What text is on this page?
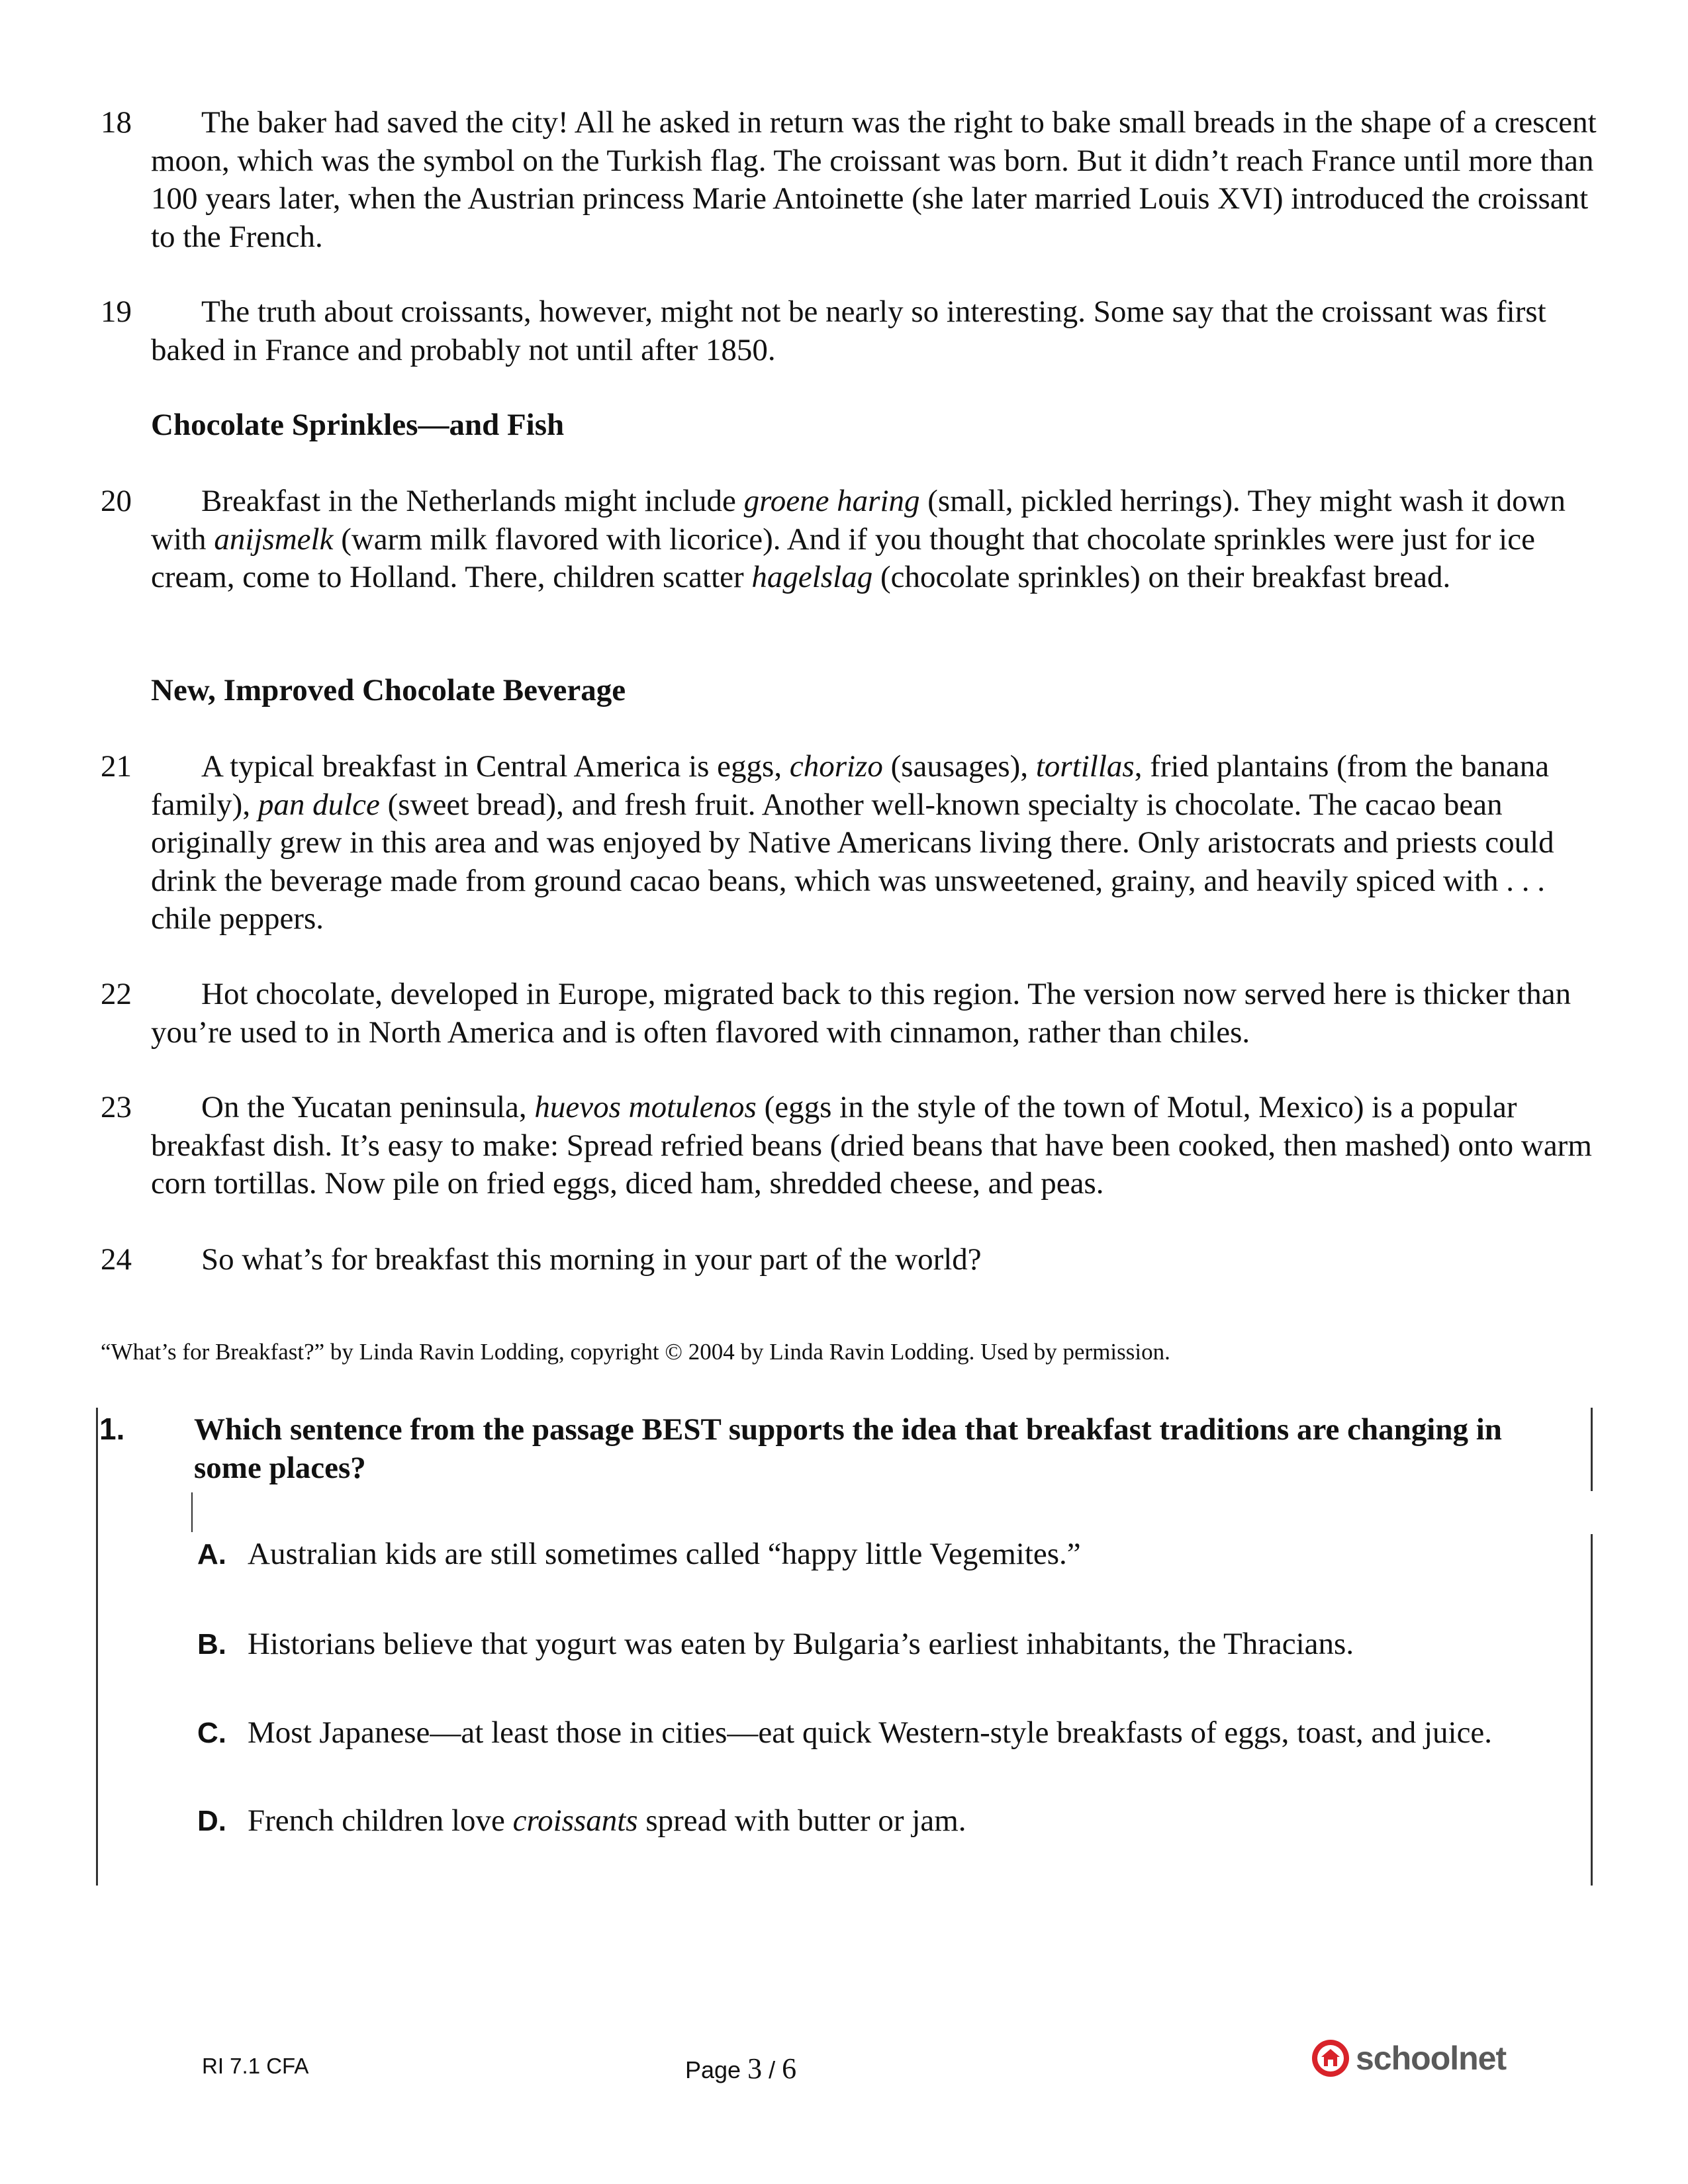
18	The baker had saved the city! All he asked in return was the right to bake small breads in the shape of a crescent moon, which was the symbol on the Turkish flag. The croissant was born. But it didn’t reach France until more than 100 years later, when the Austrian princess Marie Antoinette (she later married Louis XVI) introduced the croissant to the French.
19	The truth about croissants, however, might not be nearly so interesting. Some say that the croissant was first baked in France and probably not until after 1850.
Chocolate Sprinkles—and Fish
20	Breakfast in the Netherlands might include groene haring (small, pickled herrings). They might wash it down with anijsmelk (warm milk flavored with licorice). And if you thought that chocolate sprinkles were just for ice cream, come to Holland. There, children scatter hagelslag (chocolate sprinkles) on their breakfast bread.
New, Improved Chocolate Beverage
21	A typical breakfast in Central America is eggs, chorizo (sausages), tortillas, fried plantains (from the banana family), pan dulce (sweet bread), and fresh fruit. Another well-known specialty is chocolate. The cacao bean originally grew in this area and was enjoyed by Native Americans living there. Only aristocrats and priests could drink the beverage made from ground cacao beans, which was unsweetened, grainy, and heavily spiced with . . . chile peppers.
22	Hot chocolate, developed in Europe, migrated back to this region. The version now served here is thicker than you’re used to in North America and is often flavored with cinnamon, rather than chiles.
23	On the Yucatan peninsula, huevos motulenos (eggs in the style of the town of Motul, Mexico) is a popular breakfast dish. It’s easy to make: Spread refried beans (dried beans that have been cooked, then mashed) onto warm corn tortillas. Now pile on fried eggs, diced ham, shredded cheese, and peas.
24	So what’s for breakfast this morning in your part of the world?
“What’s for Breakfast?” by Linda Ravin Lodding, copyright © 2004 by Linda Ravin Lodding. Used by permission.
1. Which sentence from the passage BEST supports the idea that breakfast traditions are changing in some places?
A. Australian kids are still sometimes called “happy little Vegemites.”
B. Historians believe that yogurt was eaten by Bulgaria’s earliest inhabitants, the Thracians.
C. Most Japanese—at least those in cities—eat quick Western-style breakfasts of eggs, toast, and juice.
D. French children love croissants spread with butter or jam.
RI 7.1 CFA	Page 3 / 6	schoolnet
